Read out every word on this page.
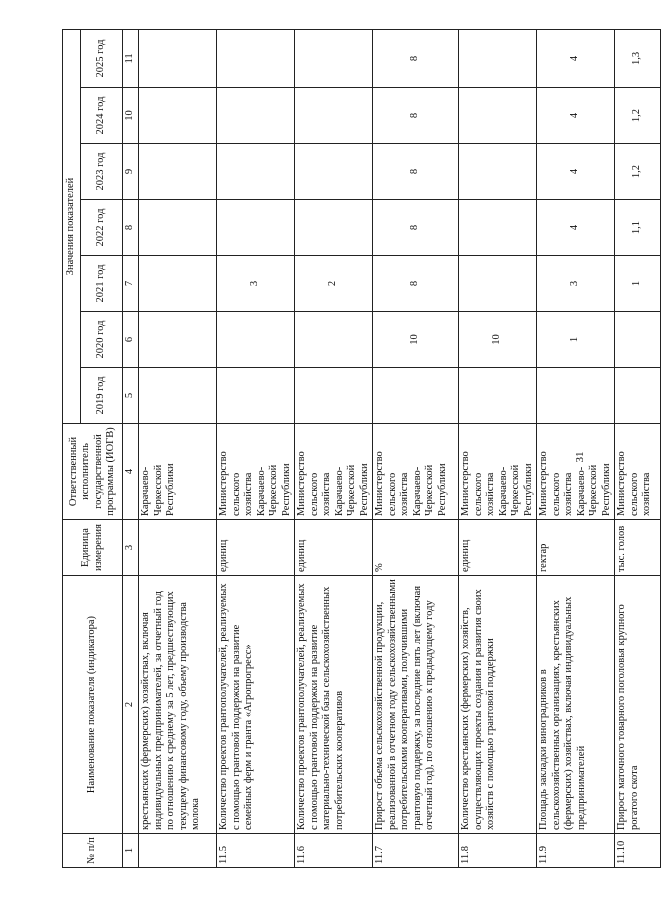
№ п/п	Наименование показателя (индикатора)	Единица измерения	Ответственный исполнитель государственной программы (ИОГВ)	Значения показателей						
				2019 год	2020 год	2021 год	2022 год	2023 год	2024 год	2025 год
1	2	3	4	5	6	7	8	9	10	11
	крестьянских (фермерских) хозяйствах, включая индивидуальных предпринимателей, за отчетный год по отношению к среднему за 5 лет, предшествующих текущему финансовому году, объему производства молока		Карачаево-Черкесской Республики							
11.5	Количество проектов грантополучателей, реализуемых с помощью грантовой поддержки на развитие семейных ферм и гранта «Агропрогресс»	единиц	Министерство сельского хозяйства Карачаево-Черкесской Республики			3				
11.6	Количество проектов грантополучателей, реализуемых с помощью грантовой поддержки на развитие материально-технической базы сельскохозяйственных потребительских кооперативов	единиц	Министерство сельского хозяйства Карачаево-Черкесской Республики			2				
11.7	Прирост объема сельскохозяйственной продукции, реализованной в отчетном году сельскохозяйственными потребительскими кооперативами, получившими грантовую поддержку, за последние пять лет (включая отчетный год), по отношению к предыдущему году	%	Министерство сельского хозяйства Карачаево-Черкесской Республики		10	8	8	8	8	8
11.8	Количество крестьянских (фермерских) хозяйств, осуществляющих проекты создания и развития своих хозяйств с помощью грантовой поддержки	единиц	Министерство сельского хозяйства Карачаево-Черкесской Республики		10					
11.9	Площадь закладки виноградников в сельскохозяйственных организациях, крестьянских (фермерских) хозяйствах, включая индивидуальных предпринимателей	гектар	Министерство сельского хозяйства Карачаево-Черкесской Республики		1	3	4	4	4	4
11.10	Прирост маточного товарного поголовья крупного рогатого скота	тыс. голов	Министерство сельского хозяйства			1	1,1	1,2	1,2	1,3
31
